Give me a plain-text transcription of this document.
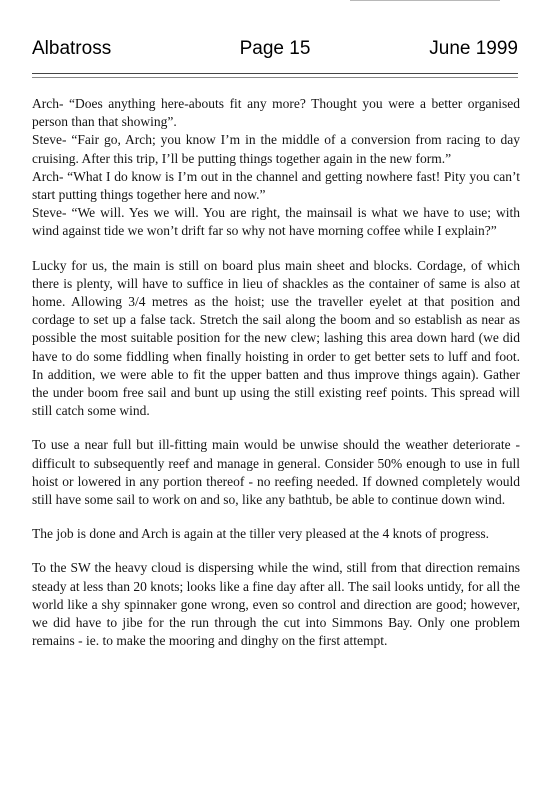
Albatross	Page 15	June 1999

Arch- “Does anything here-abouts fit any more? Thought you were a better organised person than that showing”.

Steve- “Fair go, Arch; you know I’m in the middle of a conversion from racing to day cruising. After this trip, I’ll be putting things together again in the new form.”

Arch- “What I do know is I’m out in the channel and getting nowhere fast! Pity you can’t start putting things together here and now.”

Steve- “We will. Yes we will. You are right, the mainsail is what we have to use; with wind against tide we won’t drift far so why not have morning coffee while I explain?”

Lucky for us, the main is still on board plus main sheet and blocks. Cordage, of which there is plenty, will have to suffice in lieu of shackles as the container of same is also at home. Allowing 3/4 metres as the hoist; use the traveller eyelet at that position and cordage to set up a false tack. Stretch the sail along the boom and so establish as near as possible the most suitable position for the new clew; lashing this area down hard (we did have to do some fiddling when finally hoisting in order to get better sets to luff and foot. In addition, we were able to fit the upper batten and thus improve things again). Gather the under boom free sail and bunt up using the still existing reef points. This spread will still catch some wind.

To use a near full but ill-fitting main would be unwise should the weather deteriorate - difficult to subsequently reef and manage in general. Consider 50% enough to use in full hoist or lowered in any portion thereof - no reefing needed. If downed completely would still have some sail to work on and so, like any bathtub, be able to continue down wind.

The job is done and Arch is again at the tiller very pleased at the 4 knots of progress.

To the SW the heavy cloud is dispersing while the wind, still from that direction remains steady at less than 20 knots; looks like a fine day after all. The sail looks untidy, for all the world like a shy spinnaker gone wrong, even so control and direction are good; however, we did have to jibe for the run through the cut into Simmons Bay. Only one problem remains - ie. to make the mooring and dinghy on the first attempt.
